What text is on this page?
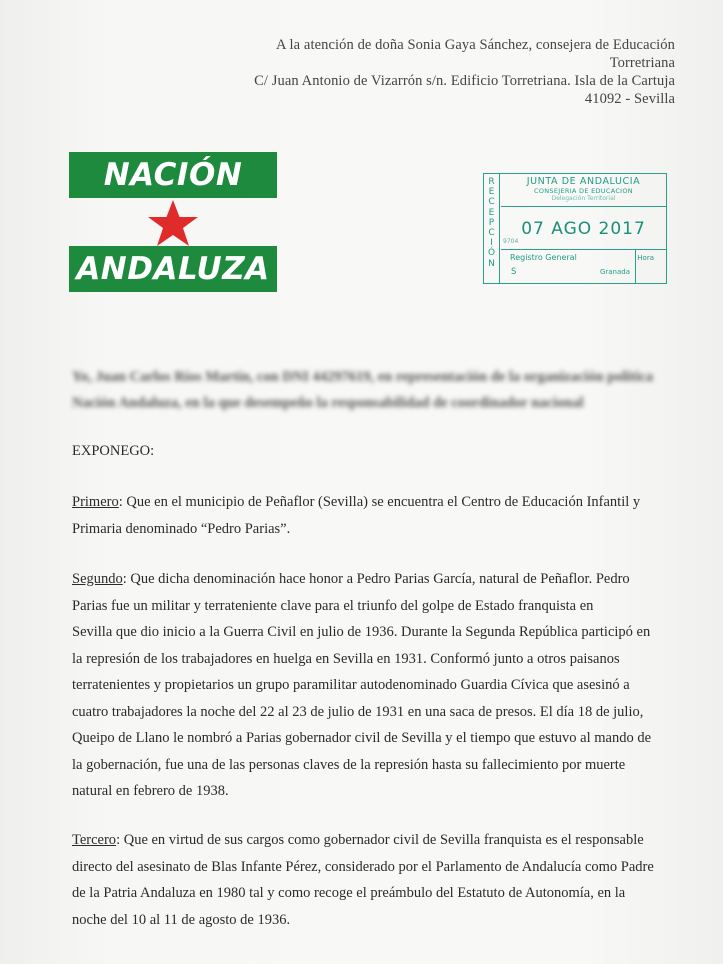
A la atención de doña Sonia Gaya Sánchez, consejera de Educación
Torretriana
C/ Juan Antonio de Vizarrón s/n. Edificio Torretriana. Isla de la Cartuja
41092 - Sevilla
NACIÓN
ANDALUZA
R
E
C
E
P
C
I
Ó
N
JUNTA DE ANDALUCIA
CONSEJERIA DE EDUCACION
Delegación Territorial
07 AGO 2017
9704
Registro General
S	Granada
Hora
Yo, Juan Carlos Ríos Martín, con DNI 44297619, en representación de la organización política
Nación Andaluza, en la que desempeño la responsabilidad de coordinador nacional
EXPONEGO:
Primero: Que en el municipio de Peñaflor (Sevilla) se encuentra el Centro de Educación Infantil y
Primaria denominado “Pedro Parias”.
Segundo: Que dicha denominación hace honor a Pedro Parias García, natural de Peñaflor. Pedro
Parias fue un militar y terrateniente clave para el triunfo del golpe de Estado franquista en
Sevilla que dio inicio a la Guerra Civil en julio de 1936. Durante la Segunda República participó en
la represión de los trabajadores en huelga en Sevilla en 1931. Conformó junto a otros paisanos
terratenientes y propietarios un grupo paramilitar autodenominado Guardia Cívica que asesinó a
cuatro trabajadores la noche del 22 al 23 de julio de 1931 en una saca de presos. El día 18 de julio,
Queipo de Llano le nombró a Parias gobernador civil de Sevilla y el tiempo que estuvo al mando de
la gobernación, fue una de las personas claves de la represión hasta su fallecimiento por muerte
natural en febrero de 1938.
Tercero: Que en virtud de sus cargos como gobernador civil de Sevilla franquista es el responsable
directo del asesinato de Blas Infante Pérez, considerado por el Parlamento de Andalucía como Padre
de la Patria Andaluza en 1980 tal y como recoge el preámbulo del Estatuto de Autonomía, en la
noche del 10 al 11 de agosto de 1936.
